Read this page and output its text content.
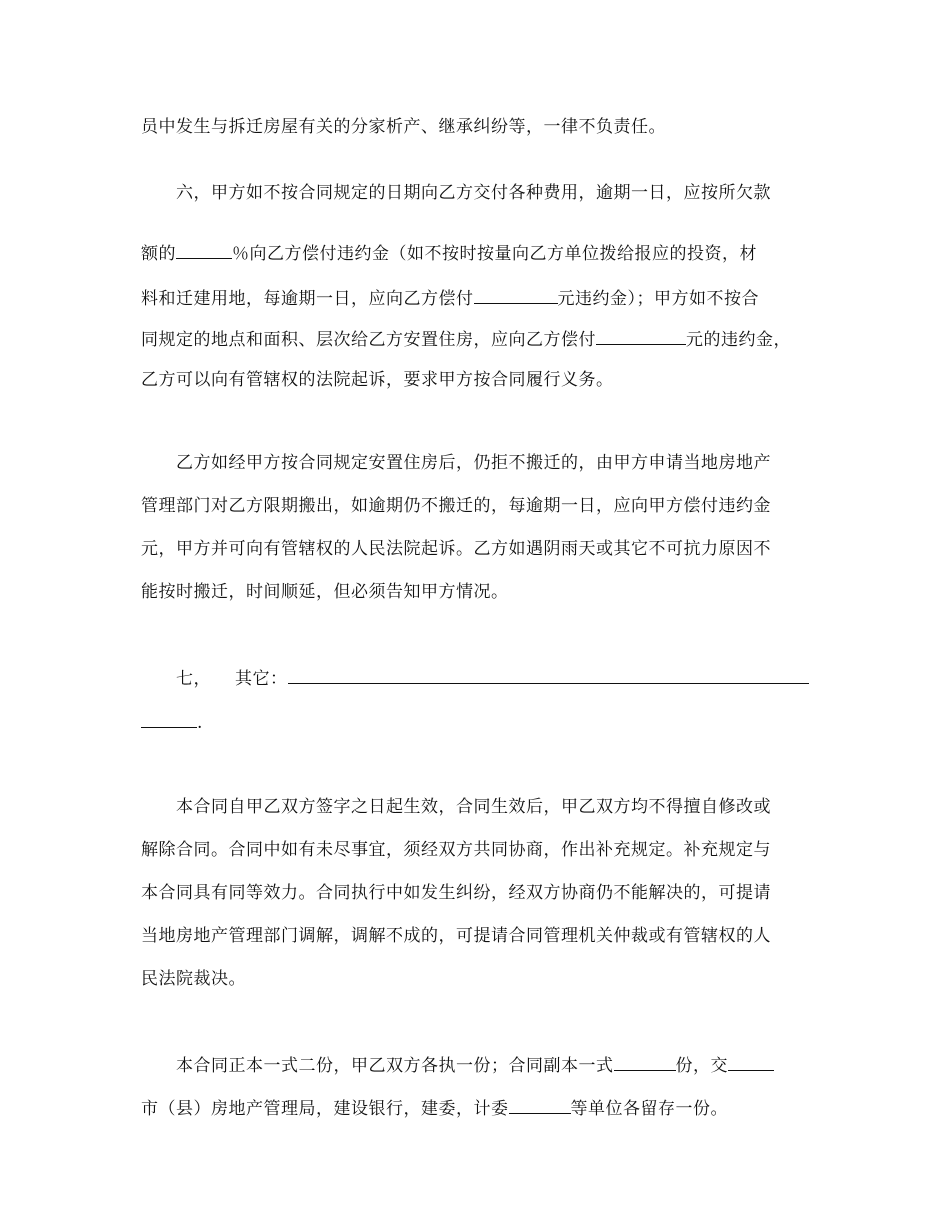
员中发生与拆迁房屋有关的分家析产、继承纠纷等，一律不负责任。
六，甲方如不按合同规定的日期向乙方交付各种费用，逾期一日，应按所欠款
额的	％向乙方偿付违约金（如不按时按量向乙方单位拨给报应的投资，材
料和迁建用地，每逾期一日，应向乙方偿付	元违约金）；甲方如不按合
同规定的地点和面积、层次给乙方安置住房，应向乙方偿付	元的违约金，
乙方可以向有管辖权的法院起诉，要求甲方按合同履行义务。
乙方如经甲方按合同规定安置住房后，仍拒不搬迁的，由甲方申请当地房地产
管理部门对乙方限期搬出，如逾期仍不搬迁的，每逾期一日，应向甲方偿付违约金
元，甲方并可向有管辖权的人民法院起诉。乙方如遇阴雨天或其它不可抗力原因不
能按时搬迁，时间顺延，但必须告知甲方情况。
七， 其它：
.
本合同自甲乙双方签字之日起生效，合同生效后，甲乙双方均不得擅自修改或
解除合同。合同中如有未尽事宜，须经双方共同协商，作出补充规定。补充规定与
本合同具有同等效力。合同执行中如发生纠纷，经双方协商仍不能解决的，可提请
当地房地产管理部门调解，调解不成的，可提请合同管理机关仲裁或有管辖权的人
民法院裁决。
本合同正本一式二份，甲乙双方各执一份；合同副本一式	份，交
市（县）房地产管理局，建设银行，建委，计委	等单位各留存一份。
